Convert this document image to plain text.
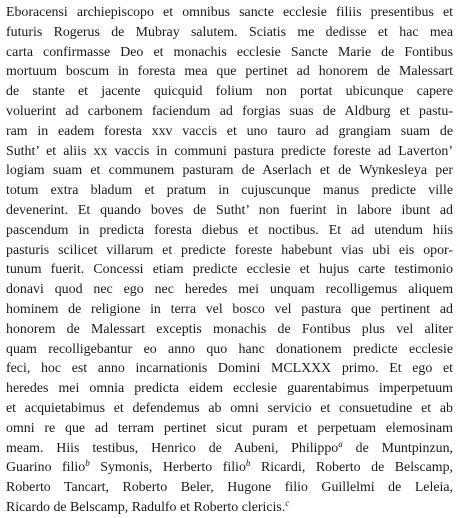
Eboracensi archiepiscopo et omnibus sancte ecclesie filiis presentibus et
futuris Rogerus de Mubray salutem. Sciatis me dedisse et hac mea
carta confirmasse Deo et monachis ecclesie Sancte Marie de Fontibus
mortuum boscum in foresta mea que pertinet ad honorem de Malessart
de stante et jacente quicquid folium non portat ubicunque capere
voluerint ad carbonem faciendum ad forgias suas de Aldburg et pastu-
ram in eadem foresta xxv vaccis et uno tauro ad grangiam suam de
Sutht’ et aliis xx vaccis in communi pastura predicte foreste ad Laverton’
logiam suam et communem pasturam de Aserlach et de Wynkesleya per
totum extra bladum et pratum in cujuscunque manus predicte ville
devenerint. Et quando boves de Sutht’ non fuerint in labore ibunt ad
pascendum in predicta foresta diebus et noctibus. Et ad utendum hiis
pasturis scilicet villarum et predicte foreste habebunt vias ubi eis opor-
tunum fuerit. Concessi etiam predicte ecclesie et hujus carte testimonio
donavi quod nec ego nec heredes mei unquam recolligemus aliquem
hominem de religione in terra vel bosco vel pastura que pertinent ad
honorem de Malessart exceptis monachis de Fontibus plus vel aliter
quam recolligebantur eo anno quo hanc donationem predicte ecclesie
feci, hoc est anno incarnationis Domini MCLXXX primo. Et ego et
heredes mei omnia predicta eidem ecclesie guarentabimus imperpetuum
et acquietabimus et defendemus ab omni servicio et consuetudine et ab
omni re que ad terram pertinet sicut puram et perpetuam elemosinam
meam. Hiis testibus, Henrico de Aubeni, Philippo$^a$ de Muntpinzun,
Guarino filio$^b$ Symonis, Herberto filio$^b$ Ricardi, Roberto de Belscamp,
Roberto Tancart, Roberto Beler, Hugone filio Guillelmi de Leleia,
Ricardo de Belscamp, Radulfo et Roberto clericis.$^c$
